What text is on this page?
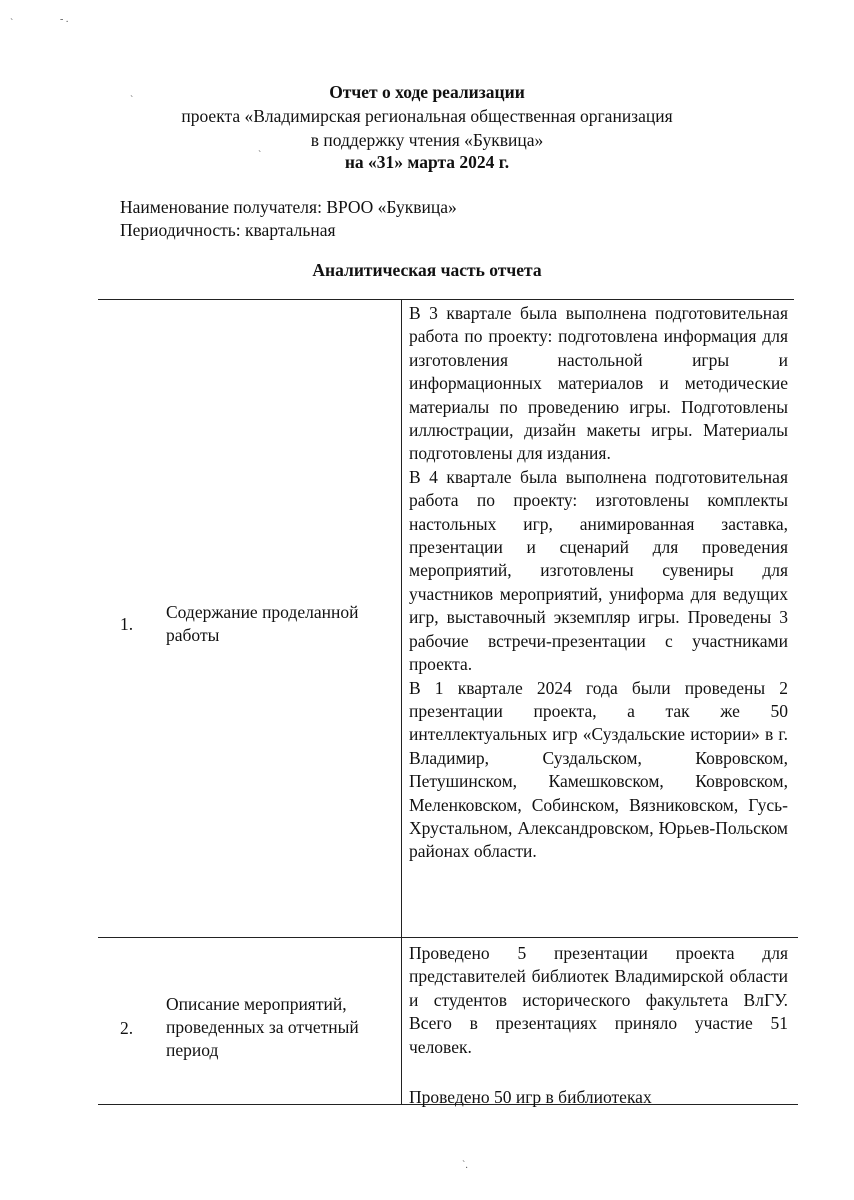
Отчет о ходе реализации
проекта «Владимирская региональная общественная организация
в поддержку чтения «Буквица»
на «31» марта 2024 г.
Наименование получателя: ВРОО «Буквица»
Периодичность: квартальная
Аналитическая часть отчета
1.
Содержание проделанной работы

В 3 квартале была выполнена подготовительная работа по проекту: подготовлена информация для изготовления настольной игры и информационных материалов и методические материалы по проведению игры. Подготовлены иллюстрации, дизайн макеты игры. Материалы подготовлены для издания.

В 4 квартале была выполнена подготовительная работа по проекту: изготовлены комплекты настольных игр, анимированная заставка, презентации и сценарий для проведения мероприятий, изготовлены сувениры для участников мероприятий, униформа для ведущих игр, выставочный экземпляр игры. Проведены 3 рабочие встречи-презентации с участниками проекта.

В 1 квартале 2024 года были проведены 2 презентации проекта, а так же 50 интеллектуальных игр «Суздальские истории» в г. Владимир, Суздальском, Ковровском, Петушинском, Камешковском, Ковровском, Меленковском, Собинском, Вязниковском, Гусь-Хрустальном, Александровском, Юрьев-Польском районах области.

2.
Описание мероприятий, проведенных за отчетный период

Проведено 5 презентации проекта для представителей библиотек Владимирской области и студентов исторического факультета ВлГУ. Всего в презентациях приняло участие 51 человек.

Проведено 50 игр в библиотеках

ˋ	- .
ˋ
ˋ
ˋ.
